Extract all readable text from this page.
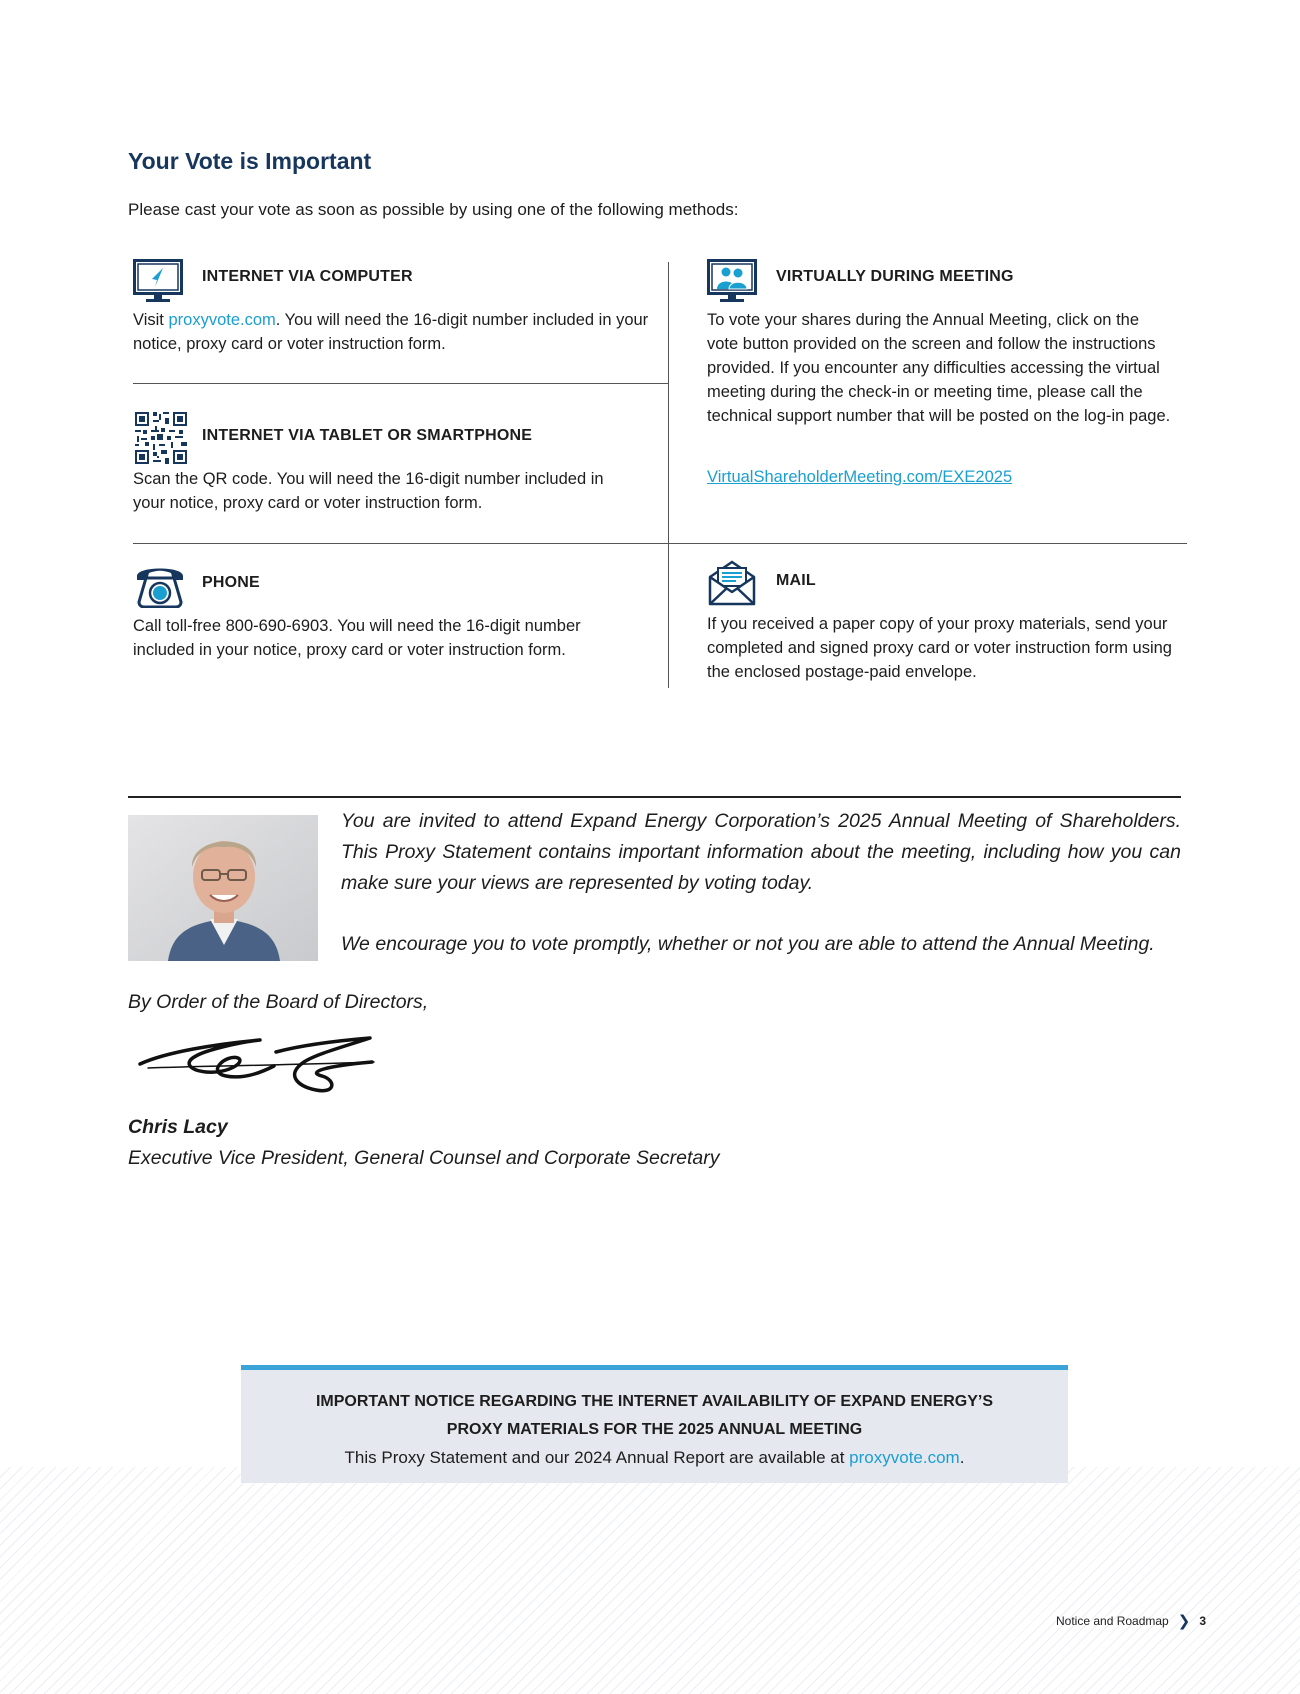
Your Vote is Important
Please cast your vote as soon as possible by using one of the following methods:
INTERNET VIA COMPUTER
Visit proxyvote.com. You will need the 16-digit number included in your notice, proxy card or voter instruction form.
INTERNET VIA TABLET OR SMARTPHONE
Scan the QR code. You will need the 16-digit number included in your notice, proxy card or voter instruction form.
PHONE
Call toll-free 800-690-6903. You will need the 16-digit number included in your notice, proxy card or voter instruction form.
VIRTUALLY DURING MEETING
To vote your shares during the Annual Meeting, click on the vote button provided on the screen and follow the instructions provided. If you encounter any difficulties accessing the virtual meeting during the check-in or meeting time, please call the technical support number that will be posted on the log-in page.
VirtualShareholderMeeting.com/EXE2025
MAIL
If you received a paper copy of your proxy materials, send your completed and signed proxy card or voter instruction form using the enclosed postage-paid envelope.

You are invited to attend Expand Energy Corporation’s 2025 Annual Meeting of Shareholders. This Proxy Statement contains important information about the meeting, including how you can make sure your views are represented by voting today.

We encourage you to vote promptly, whether or not you are able to attend the Annual Meeting.

By Order of the Board of Directors,
Chris Lacy
Executive Vice President, General Counsel and Corporate Secretary
IMPORTANT NOTICE REGARDING THE INTERNET AVAILABILITY OF EXPAND ENERGY’S
PROXY MATERIALS FOR THE 2025 ANNUAL MEETING
This Proxy Statement and our 2024 Annual Report are available at proxyvote.com.
Notice and Roadmap ❯ 3
